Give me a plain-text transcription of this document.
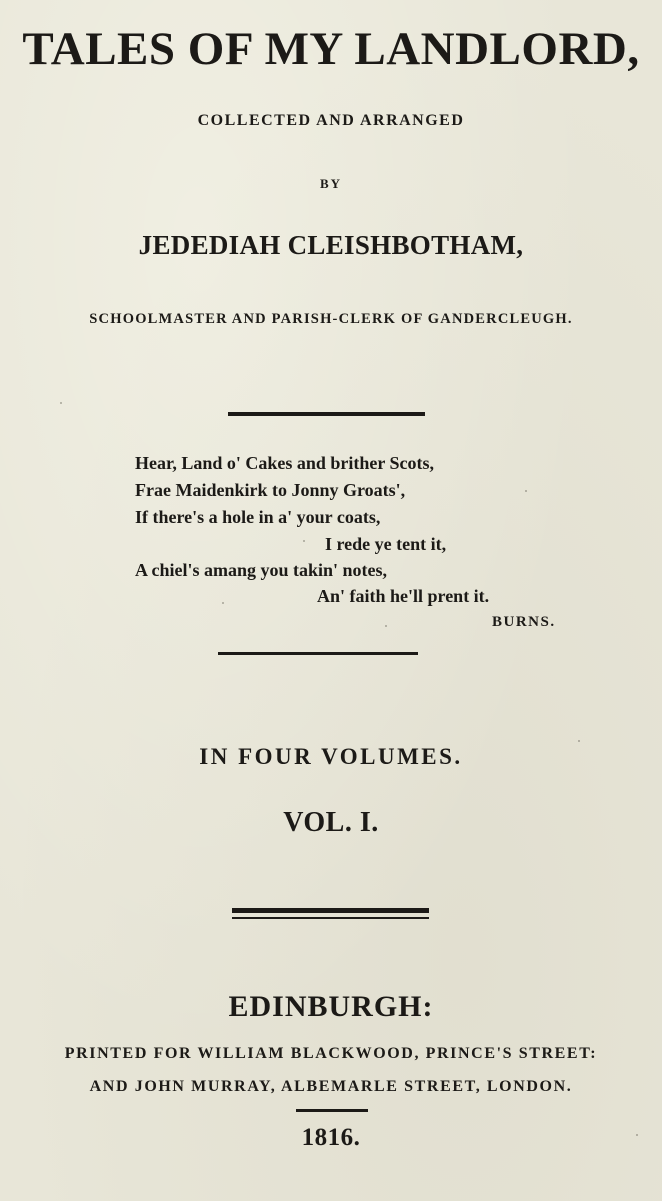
TALES OF MY LANDLORD,
COLLECTED AND ARRANGED
BY
JEDEDIAH CLEISHBOTHAM,
SCHOOLMASTER AND PARISH-CLERK OF GANDERCLEUGH.
Hear, Land o' Cakes and brither Scots,
Frae Maidenkirk to Jonny Groats',
If there's a hole in a' your coats,
I rede ye tent it,
A chiel's amang you takin' notes,
An' faith he'll prent it.
BURNS.
IN FOUR VOLUMES.
VOL. I.
EDINBURGH:
PRINTED FOR WILLIAM BLACKWOOD, PRINCE'S STREET:
AND JOHN MURRAY, ALBEMARLE STREET, LONDON.
1816.
